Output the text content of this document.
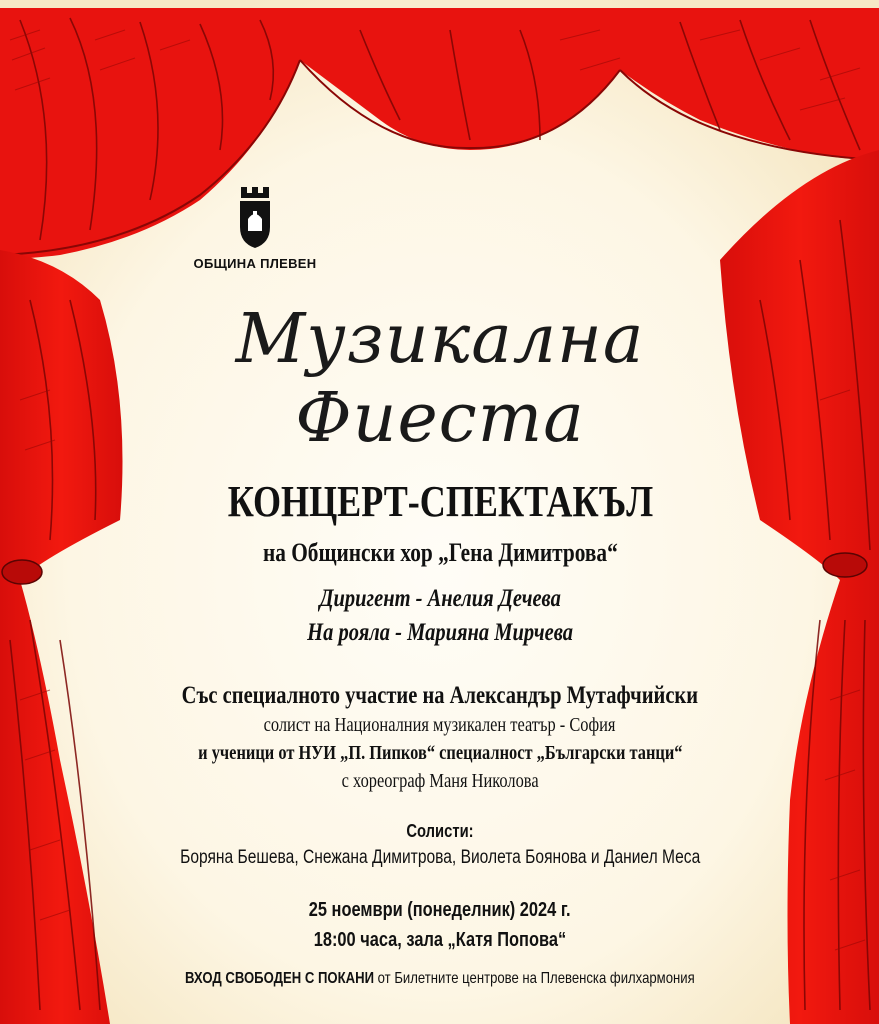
ОБЩИНА ПЛЕВЕН
Музикална Фиеста
КОНЦЕРТ-СПЕКТАКЪЛ
на Общински хор „Гена Димитрова“
Диригент - Анелия Дечева
На рояла - Марияна Мирчева
Със специалното участие на Александър Мутафчийски
солист на Националния музикален театър - София
и ученици от НУИ „П. Пипков“ специалност „Български танци“
с хореограф Маня Николова
Солисти:
Боряна Бешева, Снежана Димитрова, Виолета Боянова и Даниел Меса
25 ноември (понеделник) 2024 г.
18:00 часа, зала „Катя Попова“
ВХОД СВОБОДЕН С ПОКАНИ от Билетните центрове на Плевенска филхармония
